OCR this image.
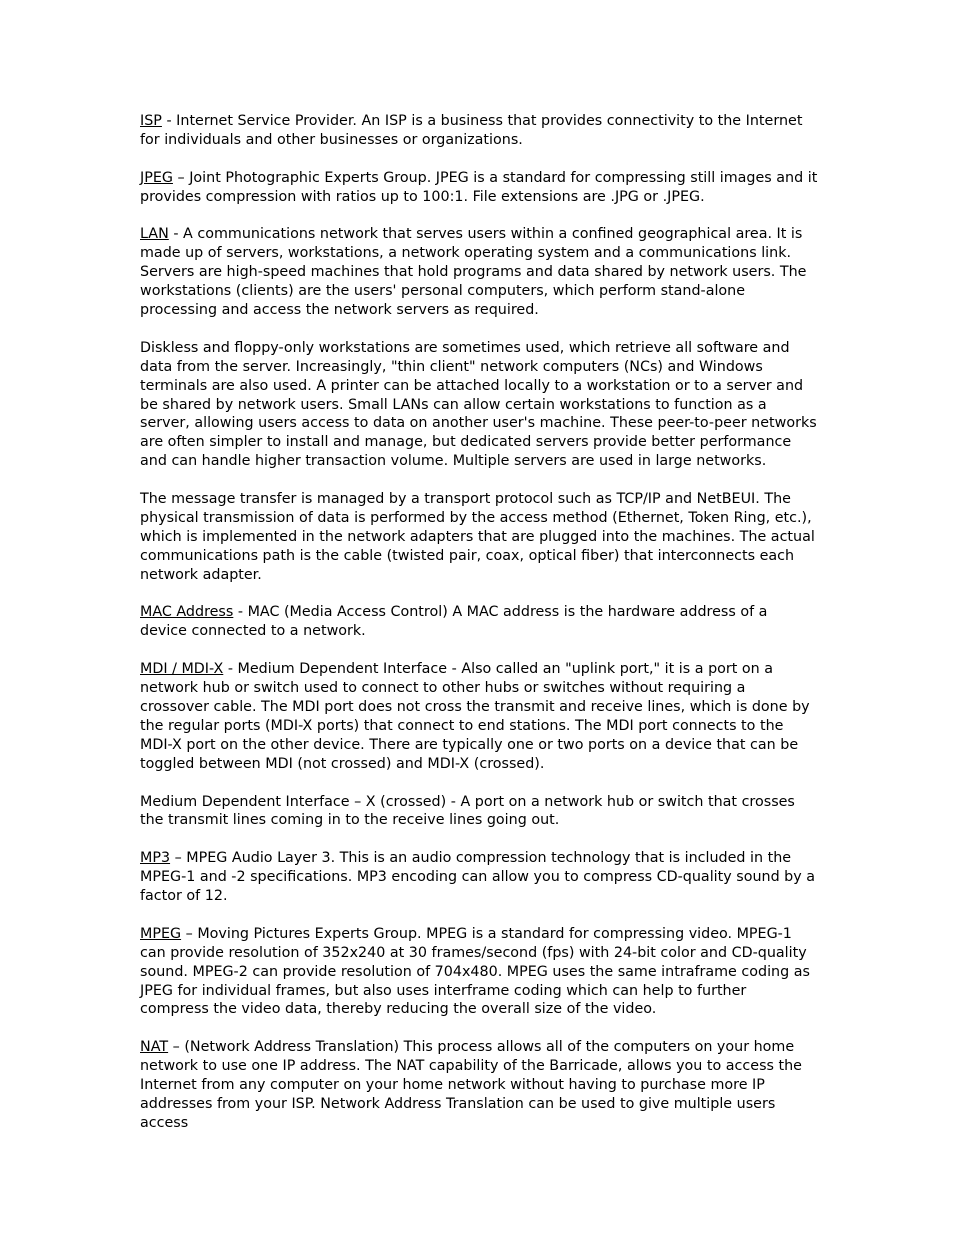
ISP - Internet Service Provider. An ISP is a business that provides connectivity to the Internet for individuals and other businesses or organizations.

JPEG – Joint Photographic Experts Group. JPEG is a standard for compressing still images and it provides compression with ratios up to 100:1. File extensions are .JPG or .JPEG.

LAN - A communications network that serves users within a confined geographical area. It is made up of servers, workstations, a network operating system and a communications link. Servers are high-speed machines that hold programs and data shared by network users. The workstations (clients) are the users' personal computers, which perform stand-alone processing and access the network servers as required.

Diskless and floppy-only workstations are sometimes used, which retrieve all software and data from the server. Increasingly, "thin client" network computers (NCs) and Windows terminals are also used. A printer can be attached locally to a workstation or to a server and be shared by network users. Small LANs can allow certain workstations to function as a server, allowing users access to data on another user's machine. These peer-to-peer networks are often simpler to install and manage, but dedicated servers provide better performance and can handle higher transaction volume. Multiple servers are used in large networks.

The message transfer is managed by a transport protocol such as TCP/IP and NetBEUI. The physical transmission of data is performed by the access method (Ethernet, Token Ring, etc.), which is implemented in the network adapters that are plugged into the machines. The actual communications path is the cable (twisted pair, coax, optical fiber) that interconnects each network adapter.

MAC Address - MAC (Media Access Control) A MAC address is the hardware address of a device connected to a network.

MDI / MDI-X - Medium Dependent Interface - Also called an "uplink port," it is a port on a network hub or switch used to connect to other hubs or switches without requiring a crossover cable. The MDI port does not cross the transmit and receive lines, which is done by the regular ports (MDI-X ports) that connect to end stations. The MDI port connects to the MDI-X port on the other device. There are typically one or two ports on a device that can be toggled between MDI (not crossed) and MDI-X (crossed).

Medium Dependent Interface – X (crossed) - A port on a network hub or switch that crosses the transmit lines coming in to the receive lines going out.

MP3 – MPEG Audio Layer 3. This is an audio compression technology that is included in the MPEG-1 and -2 specifications. MP3 encoding can allow you to compress CD-quality sound by a factor of 12.

MPEG – Moving Pictures Experts Group. MPEG is a standard for compressing video. MPEG-1 can provide resolution of 352x240 at 30 frames/second (fps) with 24-bit color and CD-quality sound. MPEG-2 can provide resolution of 704x480. MPEG uses the same intraframe coding as JPEG for individual frames, but also uses interframe coding which can help to further compress the video data, thereby reducing the overall size of the video.

NAT – (Network Address Translation) This process allows all of the computers on your home network to use one IP address. The NAT capability of the Barricade, allows you to access the Internet from any computer on your home network without having to purchase more IP addresses from your ISP. Network Address Translation can be used to give multiple users access
